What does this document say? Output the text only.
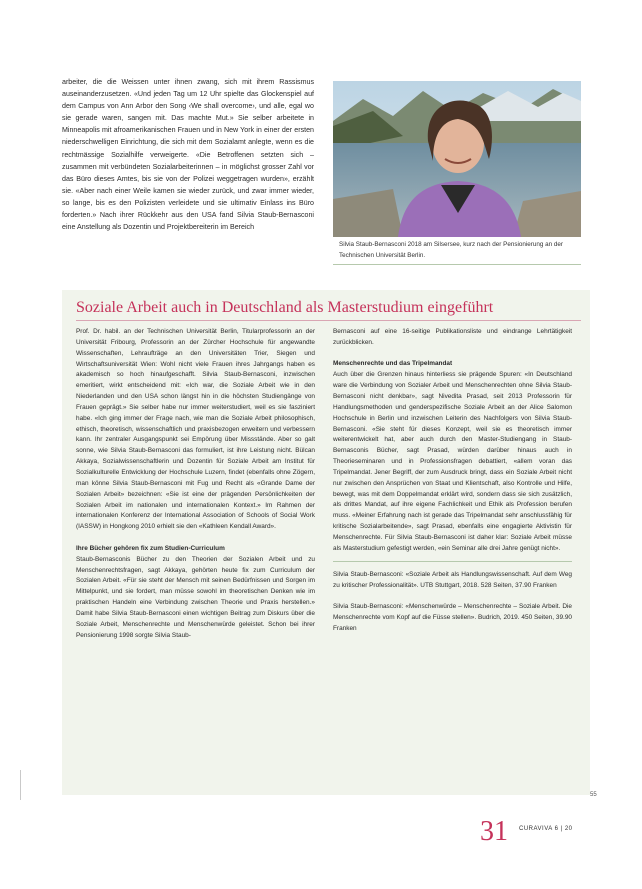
arbeiter, die die Weissen unter ihnen zwang, sich mit ihrem Rassismus auseinanderzusetzen. «Und jeden Tag um 12 Uhr spielte das Glockenspiel auf dem Campus von Ann Arbor den Song ‹We shall overcome›, und alle, egal wo sie gerade waren, sangen mit. Das machte Mut.» Sie selber arbeitete in Minneapolis mit afroamerikanischen Frauen und in New York in einer der ersten niederschwelligen Einrichtung, die sich mit dem Sozialamt anlegte, wenn es die rechtmässige Sozialhilfe verweigerte. «Die Betroffenen setzten sich – zusammen mit verbündeten Sozialarbeiterinnen – in möglichst grosser Zahl vor das Büro dieses Amtes, bis sie von der Polizei weggetragen wurden», erzählt sie. «Aber nach einer Weile kamen sie wieder zurück, und zwar immer wieder, so lange, bis es den Polizisten verleidete und sie ultimativ Einlass ins Büro forderten.» Nach ihrer Rückkehr aus den USA fand Silvia Staub-Bernasconi eine Anstellung als Dozentin und Projektbereiterin im Bereich
Silvia Staub-Bernasconi 2018 am Silsersee, kurz nach der Pensionierung an der Technischen Universität Berlin.
Soziale Arbeit auch in Deutschland als Masterstudium eingeführt

Prof. Dr. habil. an der Technischen Universität Berlin, Titularprofessorin an der Universität Fribourg, Professorin an der Zürcher Hochschule für angewandte Wissenschaften, Lehraufträge an den Universitäten Trier, Siegen und Wirtschaftsuniversität Wien: Wohl nicht viele Frauen ihres Jahrgangs haben es akademisch so hoch hinaufgeschafft. Silvia Staub-Bernasconi, inzwischen emeritiert, wirkt entscheidend mit: «Ich war, die Soziale Arbeit wie in den Niederlanden und den USA schon längst hin in die höchsten Studiengänge von Frauen geprägt.» Sie selber habe nur immer weiterstudiert, weil es sie fasziniert habe. «Ich ging immer der Frage nach, wie man die Soziale Arbeit philosophisch, ethisch, theoretisch, wissenschaftlich und praxisbezogen erweitern und verbessern kann. Ihr zentraler Ausgangspunkt sei Empörung über Missstände. Aber so galt sonne, wie Silvia Staub-Bernasconi das formuliert, ist ihre Leistung nicht. Bülcan Akkaya, Sozialwissenschaftlerin und Dozentin für Soziale Arbeit am Institut für Sozialkulturelle Entwicklung der Hochschule Luzern, findet (ebenfalls ohne Zögern, man könne Silvia Staub-Bernasconi mit Fug und Recht als «Grande Dame der Sozialen Arbeit» bezeichnen: «Sie ist eine der prägenden Persönlichkeiten der Sozialen Arbeit im nationalen und internationalen Kontext.» Im Rahmen der internationalen Konferenz der International Association of Schools of Social Work (IASSW) in Hongkong 2010 erhielt sie den «Kathleen Kendall Award».

Ihre Bücher gehören fix zum Studien-Curriculum

Staub-Bernasconis Bücher zu den Theorien der Sozialen Arbeit und zu Menschenrechtsfragen, sagt Akkaya, gehörten heute fix zum Curriculum der Sozialen Arbeit. «Für sie steht der Mensch mit seinen Bedürfnissen und Sorgen im Mittelpunkt, und sie fordert, man müsse sowohl im theoretischen Denken wie im praktischen Handeln eine Verbindung zwischen Theorie und Praxis herstellen.» Damit habe Silvia Staub-Bernasconi einen wichtigen Beitrag zum Diskurs über die Soziale Arbeit, Menschenrechte und Menschenwürde geleistet. Schon bei ihrer Pensionierung 1998 sorgte Silvia Staub-

Bernasconi auf eine 16-seitige Publikationsliste und eindrange Lehrtätigkeit zurückblicken.

Menschenrechte und das Tripelmandat

Auch über die Grenzen hinaus hinterliess sie prägende Spuren: «In Deutschland ware die Verbindung von Sozialer Arbeit und Menschenrechten ohne Silvia Staub-Bernasconi nicht denkbar», sagt Nivedita Prasad, seit 2013 Professorin für Handlungsmethoden und genderspezifische Soziale Arbeit an der Alice Salomon Hochschule in Berlin und inzwischen Leiterin des Nachfolgers von Silvia Staub-Bernasconi. «Sie steht für dieses Konzept, weil sie es theoretisch immer weiterentwickelt hat, aber auch durch den Master-Studiengang in Staub-Bernasconis Bücher, sagt Prasad, würden darüber hinaus auch in Theorieseminaren und in Professionsfragen debattiert, «allem voran das Tripelmandat. Jener Begriff, der zum Ausdruck bringt, dass ein Soziale Arbeit nicht nur zwischen den Ansprüchen von Staat und Klientschaft, also Kontrolle und Hilfe, bewegt, was mit dem Doppelmandat erklärt wird, sondern dass sie sich zusätzlich, als drittes Mandat, auf ihre eigene Fachlichkeit und Ethik als Profession berufen muss. «Meiner Erfahrung nach ist gerade das Tripelmandat sehr anschlussfähig für kritische Sozialarbeitende», sagt Prasad, ebenfalls eine engagierte Aktivistin für Menschenrechte. Für Silvia Staub-Bernasconi ist daher klar: Soziale Arbeit müsse als Masterstudium gefestigt werden, «ein Seminar alle drei Jahre genügt nicht».

Silvia Staub-Bernasconi: «Soziale Arbeit als Handlungswissenschaft. Auf dem Weg zu kritischer Professionalität». UTB Stuttgart, 2018. 528 Seiten, 37.90 Franken

Silvia Staub-Bernasconi: «Menschenwürde – Menschenrechte – Soziale Arbeit. Die Menschenrechte vom Kopf auf die Füsse stellen». Budrich, 2019. 450 Seiten, 39.90 Franken

55
31 CURAVIVA 6 | 20
